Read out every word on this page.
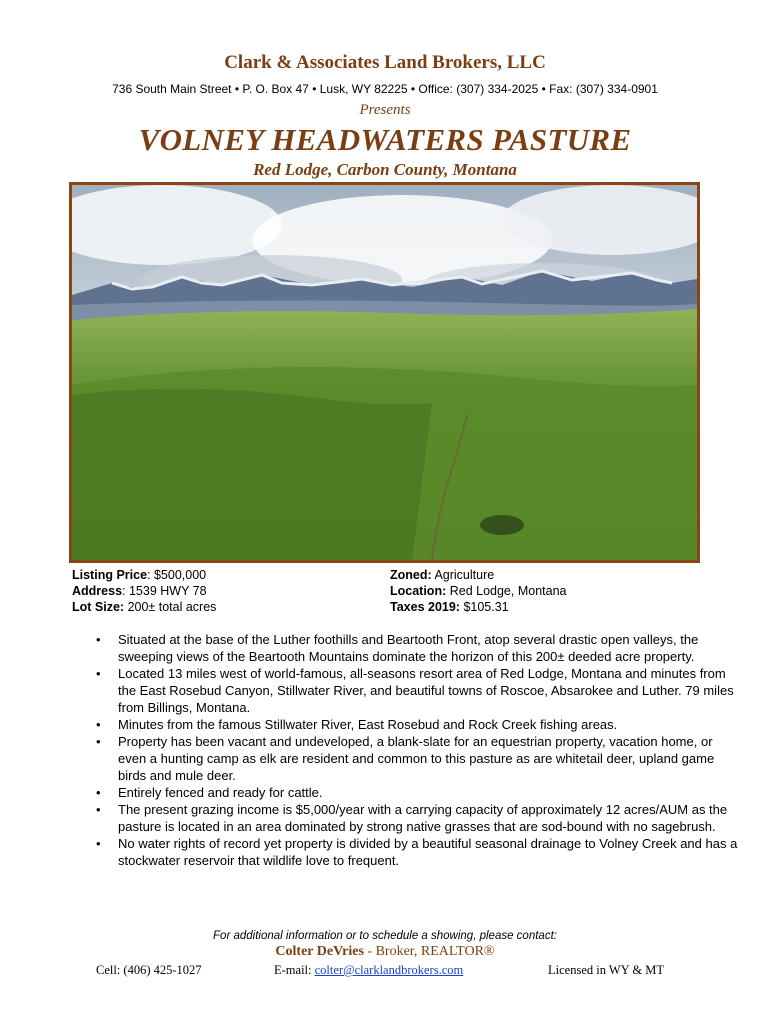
Clark & Associates Land Brokers, LLC
736 South Main Street • P. O. Box 47 • Lusk, WY 82225 • Office: (307) 334-2025 • Fax: (307) 334-0901
Presents
VOLNEY HEADWATERS PASTURE
Red Lodge, Carbon County, Montana
Listing Price: $500,000
Address: 1539 HWY 78
Lot Size: 200± total acres
Zoned: Agriculture
Location: Red Lodge, Montana
Taxes 2019: $105.31
• Situated at the base of the Luther foothills and Beartooth Front, atop several drastic open valleys, the sweeping views of the Beartooth Mountains dominate the horizon of this 200± deeded acre property.
• Located 13 miles west of world-famous, all-seasons resort area of Red Lodge, Montana and minutes from the East Rosebud Canyon, Stillwater River, and beautiful towns of Roscoe, Absarokee and Luther. 79 miles from Billings, Montana.
• Minutes from the famous Stillwater River, East Rosebud and Rock Creek fishing areas.
• Property has been vacant and undeveloped, a blank-slate for an equestrian property, vacation home, or even a hunting camp as elk are resident and common to this pasture as are whitetail deer, upland game birds and mule deer.
• Entirely fenced and ready for cattle.
• The present grazing income is $5,000/year with a carrying capacity of approximately 12 acres/AUM as the pasture is located in an area dominated by strong native grasses that are sod-bound with no sagebrush.
• No water rights of record yet property is divided by a beautiful seasonal drainage to Volney Creek and has a stockwater reservoir that wildlife love to frequent.
For additional information or to schedule a showing, please contact:
Colter DeVries - Broker, REALTOR®
Cell: (406) 425-1027	E-mail: colter@clarklandbrokers.com	Licensed in WY & MT
